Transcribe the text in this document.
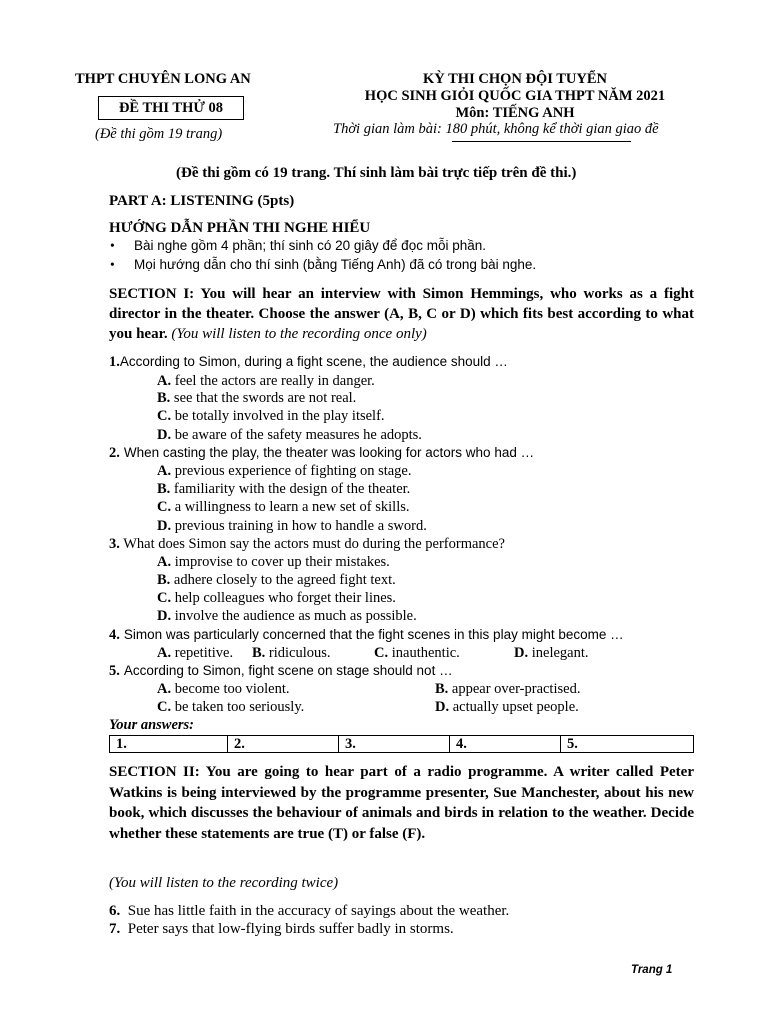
THPT CHUYÊN LONG AN
ĐỀ THI THỬ 08
(Đề thi gồm 19 trang)
KỲ THI CHỌN ĐỘI TUYỂN
HỌC SINH GIỎI QUỐC GIA THPT NĂM 2021
Môn: TIẾNG ANH
Thời gian làm bài: 180 phút, không kể thời gian giao đề
(Đề thi gồm có 19 trang. Thí sinh làm bài trực tiếp trên đề thi.)
PART A: LISTENING (5pts)
HƯỚNG DẪN PHẦN THI NGHE HIỂU
• Bài nghe gồm 4 phần; thí sinh có 20 giây để đọc mỗi phần.
• Mọi hướng dẫn cho thí sinh (bằng Tiếng Anh) đã có trong bài nghe.
SECTION I: You will hear an interview with Simon Hemmings, who works as a fight director in the theater. Choose the answer (A, B, C or D) which fits best according to what you hear. (You will listen to the recording once only)
1.According to Simon, during a fight scene, the audience should …
A. feel the actors are really in danger.
B. see that the swords are not real.
C. be totally involved in the play itself.
D. be aware of the safety measures he adopts.
2. When casting the play, the theater was looking for actors who had …
A. previous experience of fighting on stage.
B. familiarity with the design of the theater.
C. a willingness to learn a new set of skills.
D. previous training in how to handle a sword.
3. What does Simon say the actors must do during the performance?
A. improvise to cover up their mistakes.
B. adhere closely to the agreed fight text.
C. help colleagues who forget their lines.
D. involve the audience as much as possible.
4. Simon was particularly concerned that the fight scenes in this play might become …
A. repetitive. B. ridiculous.	C. inauthentic.	D. inelegant.
5. According to Simon, fight scene on stage should not …
A. become too violent.	B. appear over-practised.
C. be taken too seriously.	D. actually upset people.
Your answers:
1.	2.	3.	4.	5.
SECTION II: You are going to hear part of a radio programme. A writer called Peter Watkins is being interviewed by the programme presenter, Sue Manchester, about his new book, which discusses the behaviour of animals and birds in relation to the weather. Decide whether these statements are true (T) or false (F).
(You will listen to the recording twice)
6. Sue has little faith in the accuracy of sayings about the weather.
7. Peter says that low-flying birds suffer badly in storms.
Trang 1
